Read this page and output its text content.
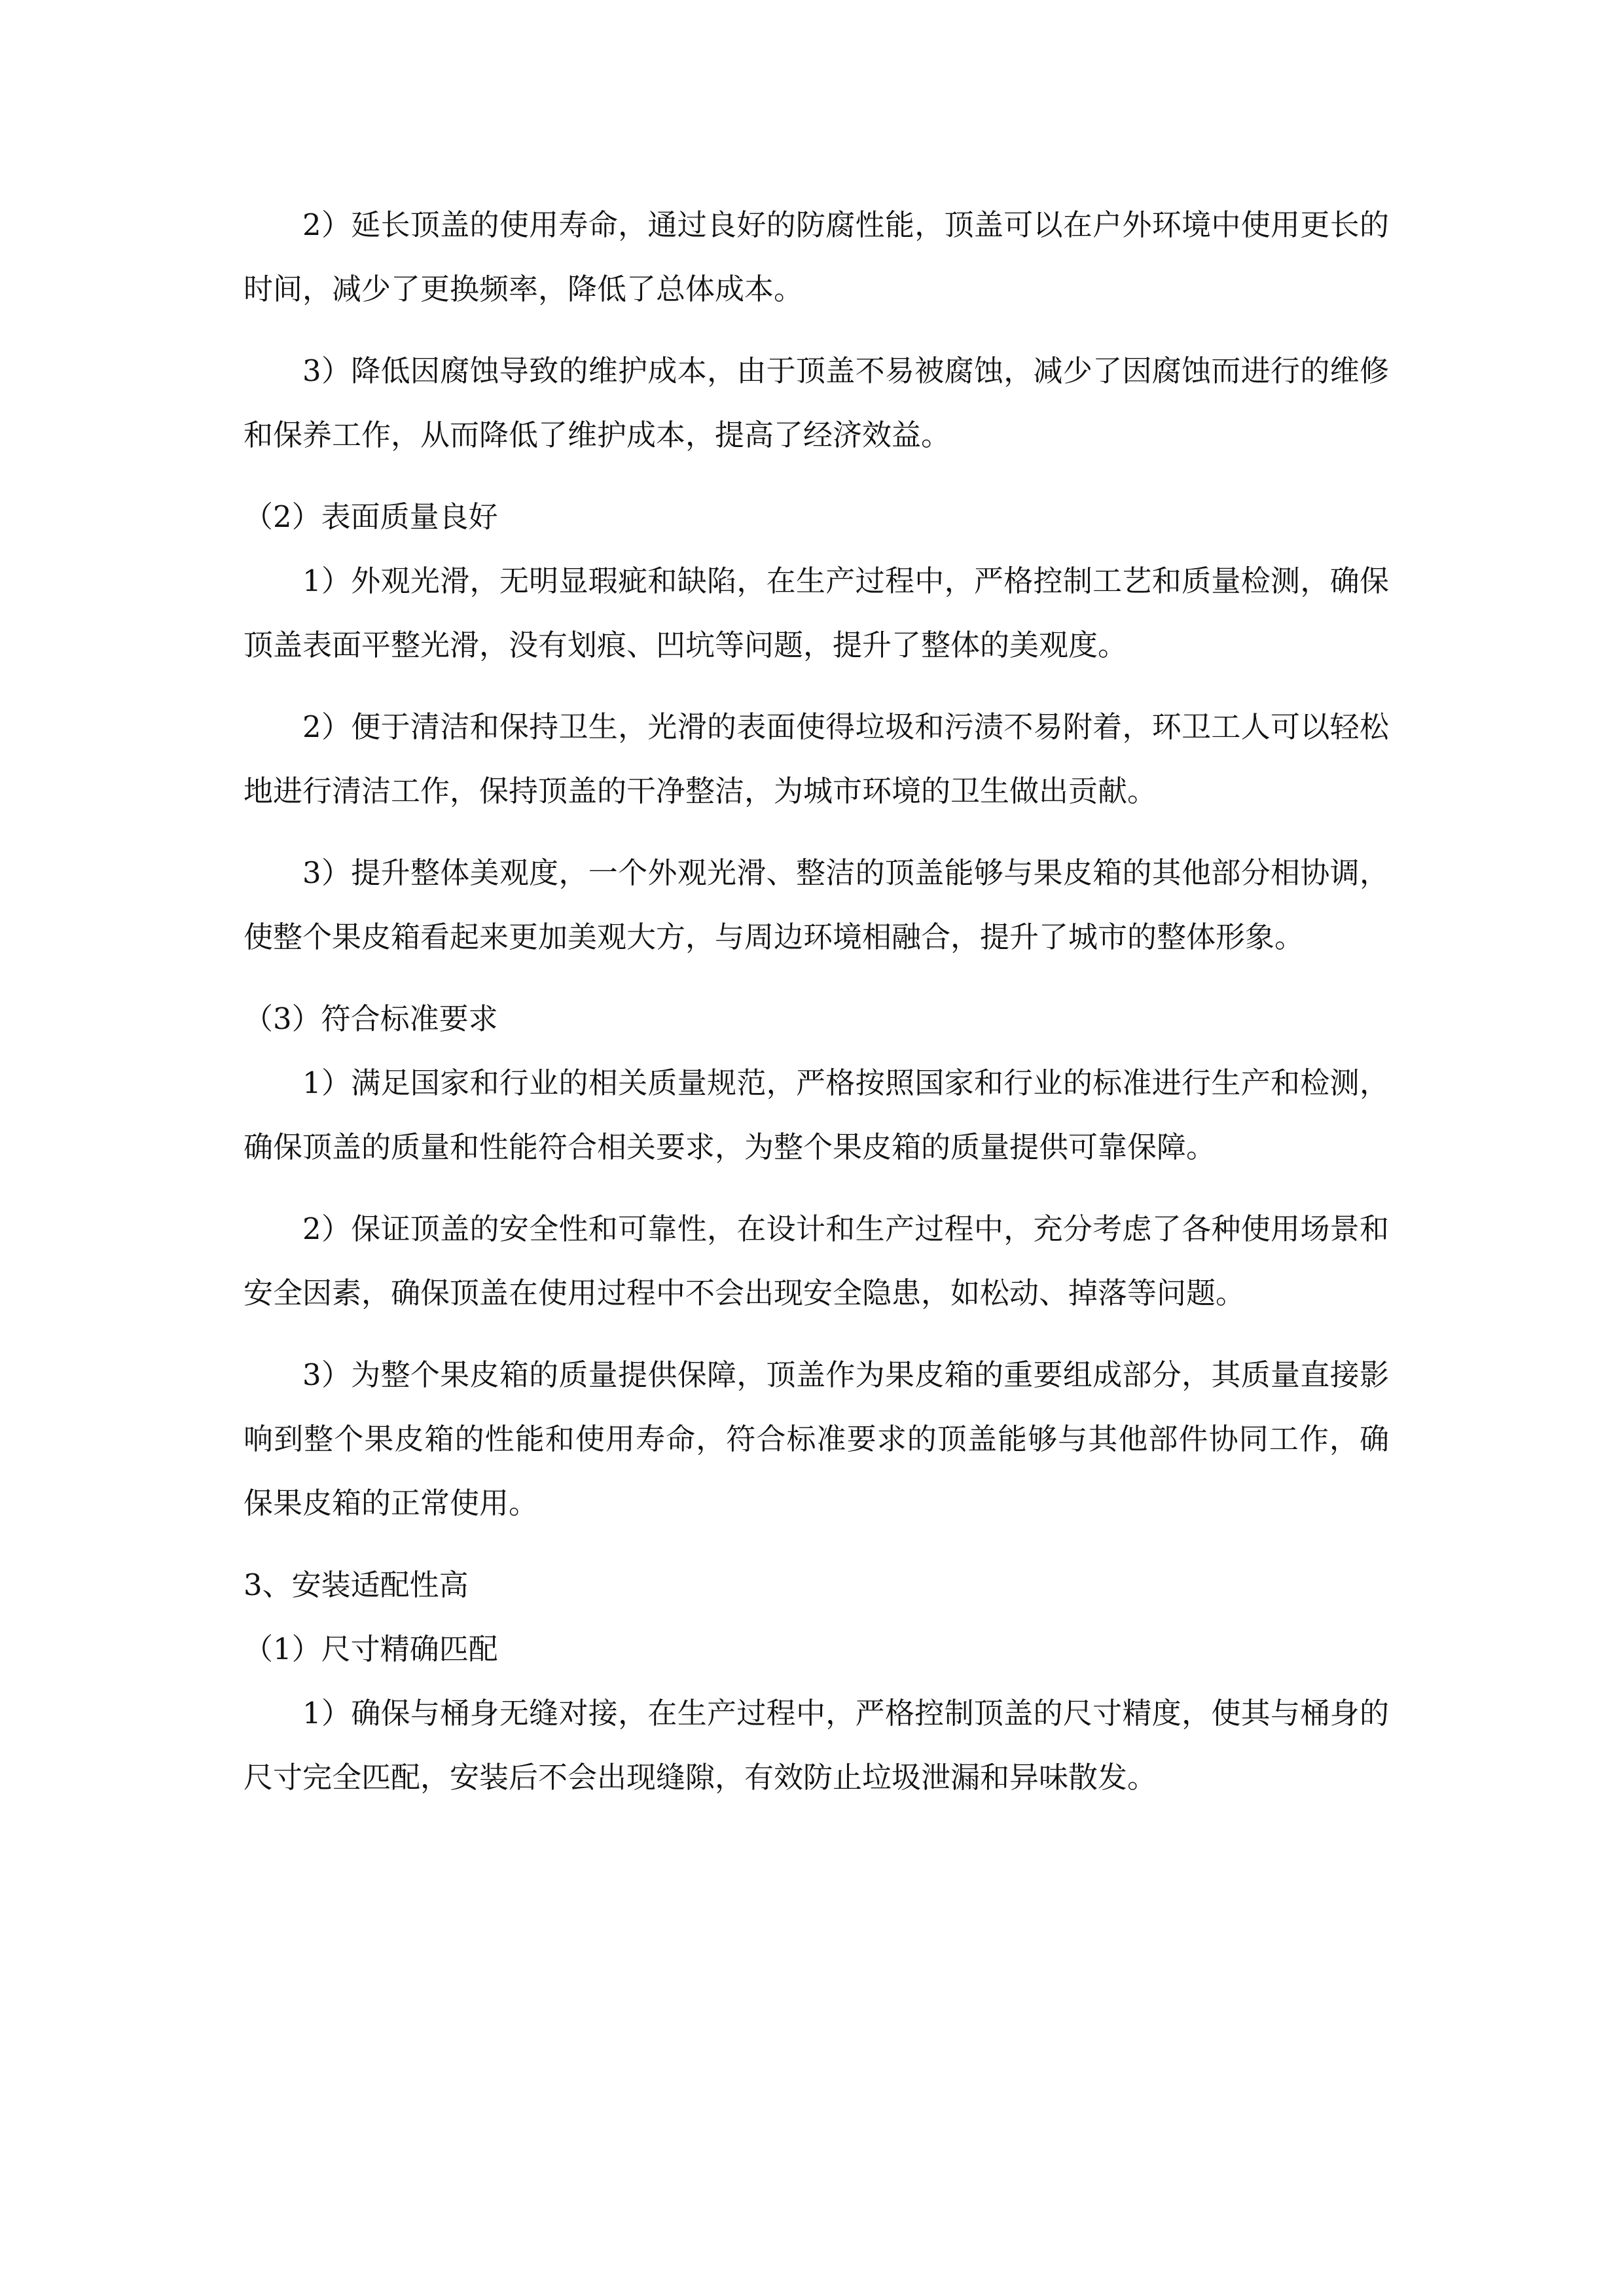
2）延长顶盖的使用寿命，通过良好的防腐性能，顶盖可以在户外环境中使用更长的时间，减少了更换频率，降低了总体成本。

3）降低因腐蚀导致的维护成本，由于顶盖不易被腐蚀，减少了因腐蚀而进行的维修和保养工作，从而降低了维护成本，提高了经济效益。

（2）表面质量良好

1）外观光滑，无明显瑕疵和缺陷，在生产过程中，严格控制工艺和质量检测，确保顶盖表面平整光滑，没有划痕、凹坑等问题，提升了整体的美观度。

2）便于清洁和保持卫生，光滑的表面使得垃圾和污渍不易附着，环卫工人可以轻松地进行清洁工作，保持顶盖的干净整洁，为城市环境的卫生做出贡献。

3）提升整体美观度，一个外观光滑、整洁的顶盖能够与果皮箱的其他部分相协调，使整个果皮箱看起来更加美观大方，与周边环境相融合，提升了城市的整体形象。

（3）符合标准要求

1）满足国家和行业的相关质量规范，严格按照国家和行业的标准进行生产和检测，确保顶盖的质量和性能符合相关要求，为整个果皮箱的质量提供可靠保障。

2）保证顶盖的安全性和可靠性，在设计和生产过程中，充分考虑了各种使用场景和安全因素，确保顶盖在使用过程中不会出现安全隐患，如松动、掉落等问题。

3）为整个果皮箱的质量提供保障，顶盖作为果皮箱的重要组成部分，其质量直接影响到整个果皮箱的性能和使用寿命，符合标准要求的顶盖能够与其他部件协同工作，确保果皮箱的正常使用。

3、安装适配性高

（1）尺寸精确匹配

1）确保与桶身无缝对接，在生产过程中，严格控制顶盖的尺寸精度，使其与桶身的尺寸完全匹配，安装后不会出现缝隙，有效防止垃圾泄漏和异味散发。
